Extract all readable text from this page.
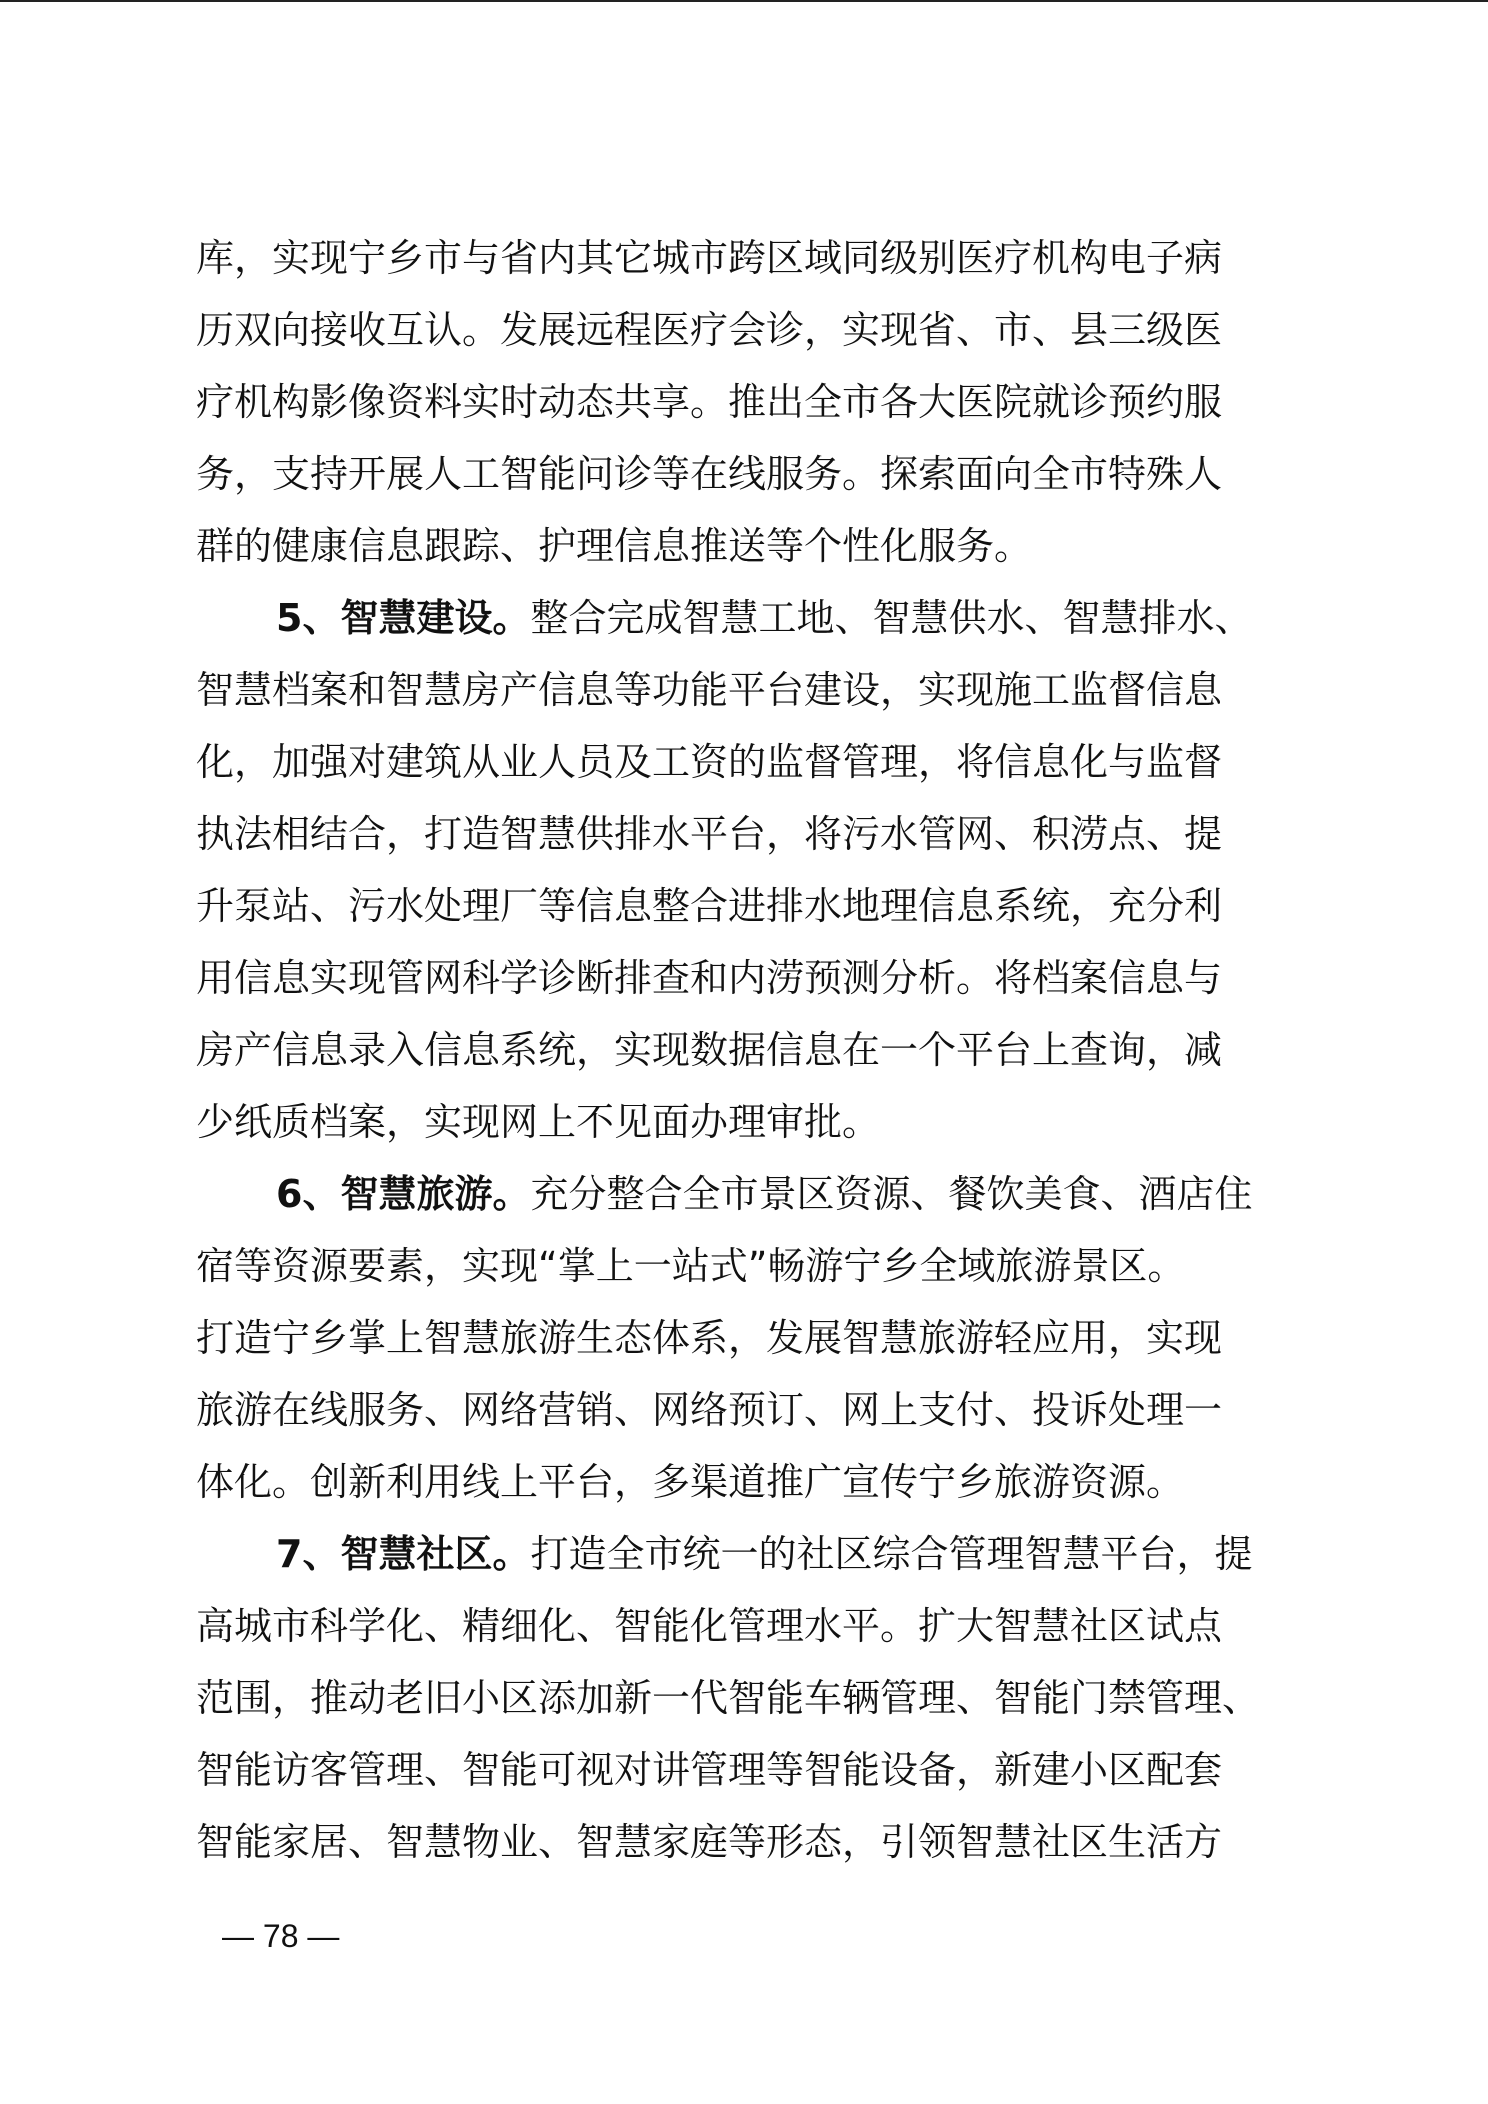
库，实现宁乡市与省内其它城市跨区域同级别医疗机构电子病
历双向接收互认。发展远程医疗会诊，实现省、市、县三级医
疗机构影像资料实时动态共享。推出全市各大医院就诊预约服
务，支持开展人工智能问诊等在线服务。探索面向全市特殊人
群的健康信息跟踪、护理信息推送等个性化服务。
5、智慧建设。整合完成智慧工地、智慧供水、智慧排水、
智慧档案和智慧房产信息等功能平台建设，实现施工监督信息
化，加强对建筑从业人员及工资的监督管理，将信息化与监督
执法相结合，打造智慧供排水平台，将污水管网、积涝点、提
升泵站、污水处理厂等信息整合进排水地理信息系统，充分利
用信息实现管网科学诊断排查和内涝预测分析。将档案信息与
房产信息录入信息系统，实现数据信息在一个平台上查询，减
少纸质档案，实现网上不见面办理审批。
6、智慧旅游。充分整合全市景区资源、餐饮美食、酒店住
宿等资源要素，实现“掌上一站式”畅游宁乡全域旅游景区。
打造宁乡掌上智慧旅游生态体系，发展智慧旅游轻应用，实现
旅游在线服务、网络营销、网络预订、网上支付、投诉处理一
体化。创新利用线上平台，多渠道推广宣传宁乡旅游资源。
7、智慧社区。打造全市统一的社区综合管理智慧平台，提
高城市科学化、精细化、智能化管理水平。扩大智慧社区试点
范围，推动老旧小区添加新一代智能车辆管理、智能门禁管理、
智能访客管理、智能可视对讲管理等智能设备，新建小区配套
智能家居、智慧物业、智慧家庭等形态，引领智慧社区生活方
— 78 —
